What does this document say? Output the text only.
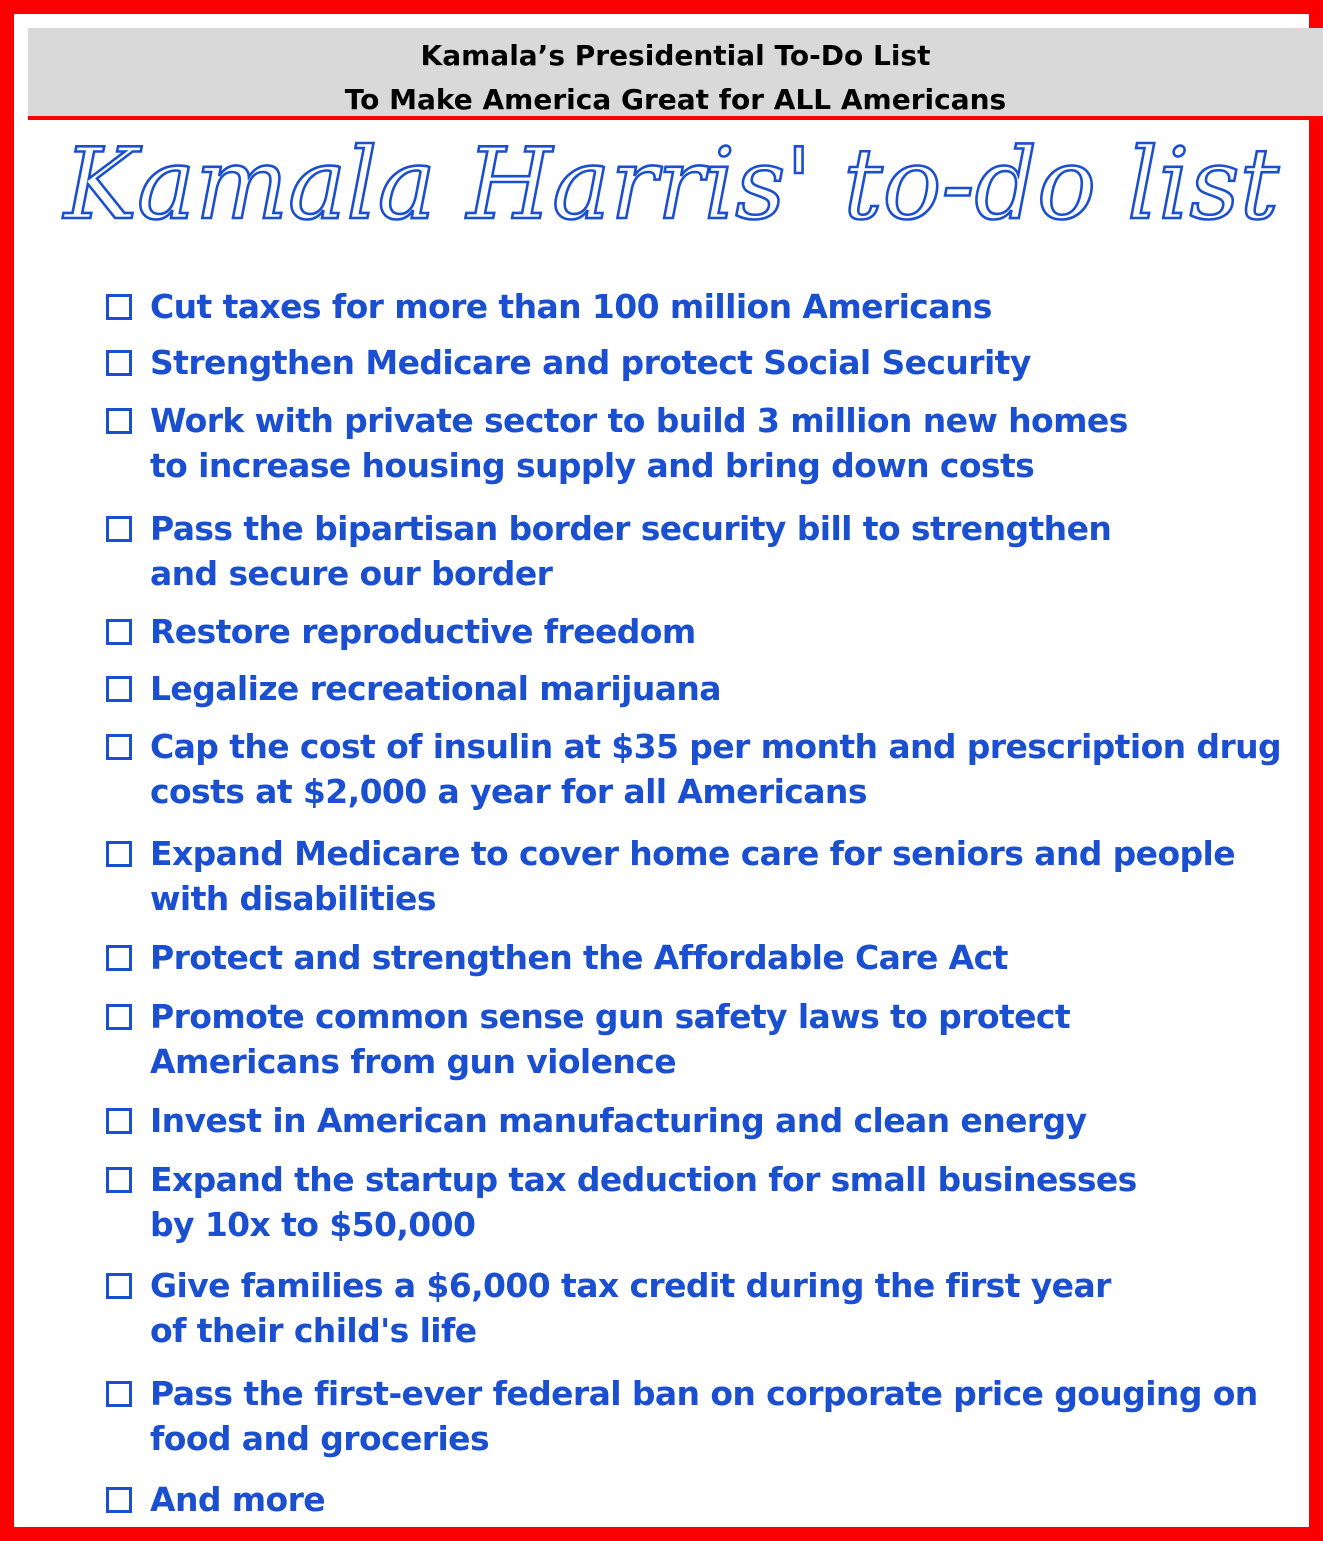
Kamala’s Presidential To-Do List
To Make America Great for ALL Americans
Kamala Harris' to-do list
Cut taxes for more than 100 million Americans
Strengthen Medicare and protect Social Security
Work with private sector to build 3 million new homes
to increase housing supply and bring down costs
Pass the bipartisan border security bill to strengthen
and secure our border
Restore reproductive freedom
Legalize recreational marijuana
Cap the cost of insulin at $35 per month and prescription drug
costs at $2,000 a year for all Americans
Expand Medicare to cover home care for seniors and people
with disabilities
Protect and strengthen the Affordable Care Act
Promote common sense gun safety laws to protect
Americans from gun violence
Invest in American manufacturing and clean energy
Expand the startup tax deduction for small businesses
by 10x to $50,000
Give families a $6,000 tax credit during the first year
of their child's life
Pass the first-ever federal ban on corporate price gouging on
food and groceries
And more
